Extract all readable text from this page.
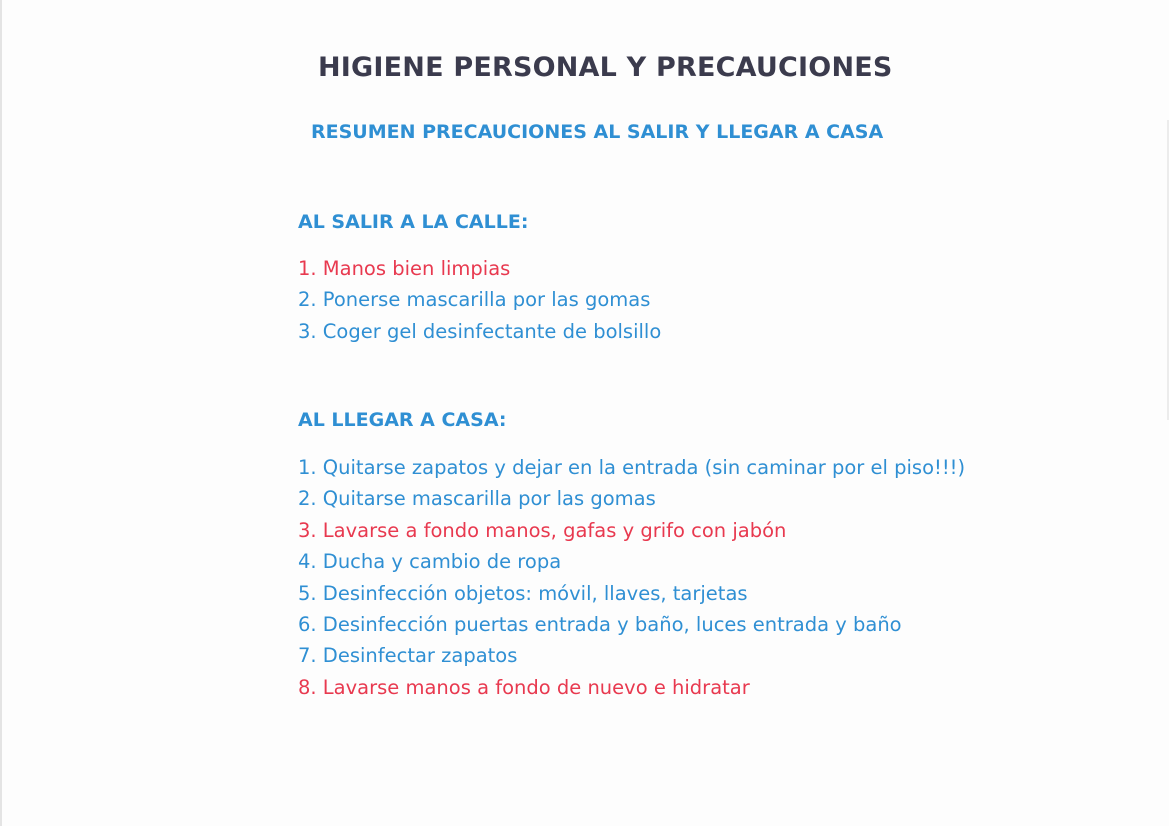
HIGIENE PERSONAL Y PRECAUCIONES
RESUMEN PRECAUCIONES AL SALIR Y LLEGAR A CASA
AL SALIR A LA CALLE:
1. Manos bien limpias
2. Ponerse mascarilla por las gomas
3. Coger gel desinfectante de bolsillo
AL LLEGAR A CASA:
1. Quitarse zapatos y dejar en la entrada (sin caminar por el piso!!!)
2. Quitarse mascarilla por las gomas
3. Lavarse a fondo manos, gafas y grifo con jabón
4. Ducha y cambio de ropa
5. Desinfección objetos: móvil, llaves, tarjetas
6. Desinfección puertas entrada y baño, luces entrada y baño
7. Desinfectar zapatos
8. Lavarse manos a fondo de nuevo e hidratar
